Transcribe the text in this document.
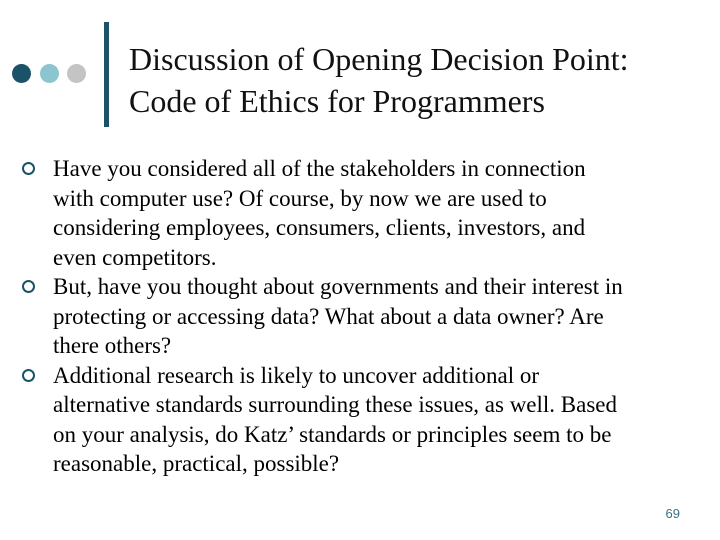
Discussion of Opening Decision Point:
Code of Ethics for Programmers
Have you considered all of the stakeholders in connection
with computer use? Of course, by now we are used to
considering employees, consumers, clients, investors, and
even competitors.
But, have you thought about governments and their interest in
protecting or accessing data? What about a data owner? Are
there others?
Additional research is likely to uncover additional or
alternative standards surrounding these issues, as well. Based
on your analysis, do Katz’ standards or principles seem to be
reasonable, practical, possible?
69
